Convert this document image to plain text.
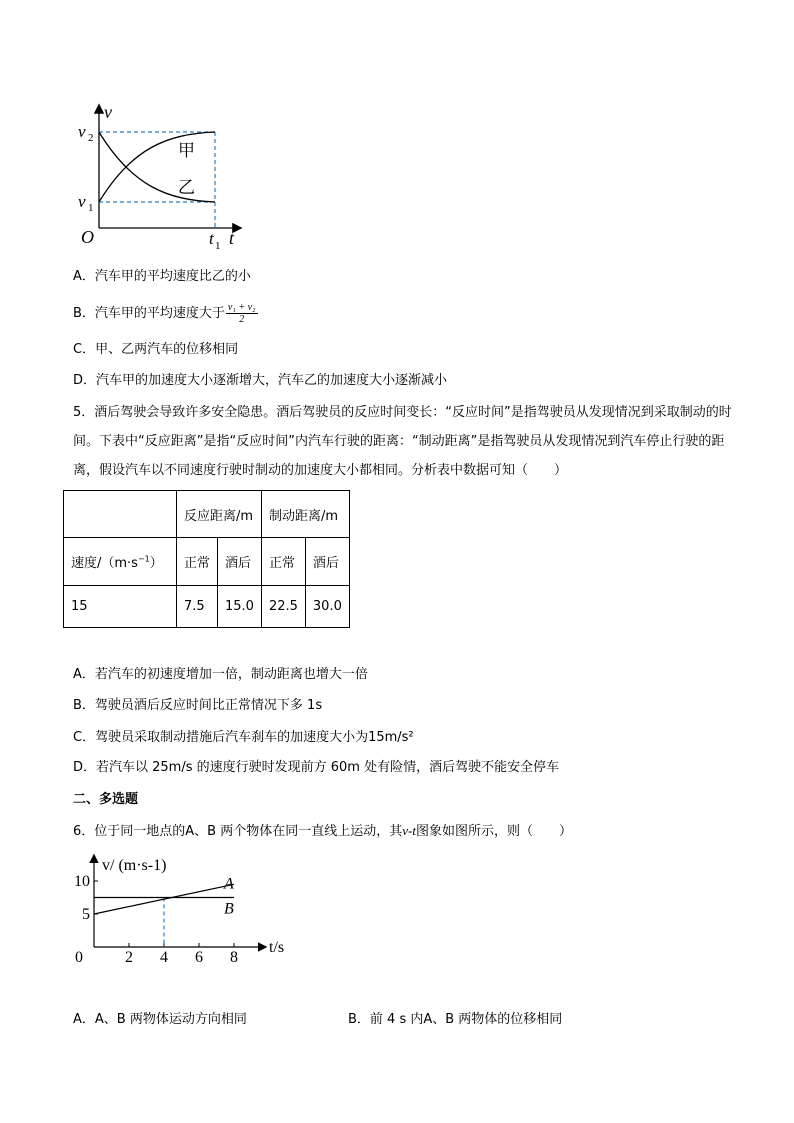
v
v 2
v 1
O	t 1 t
甲
乙
A．汽车甲的平均速度比乙的小
B．汽车甲的平均速度大于 $\frac{\text{v₁ + v₂}}{2}$
C．甲、乙两汽车的位移相同
D．汽车甲的加速度大小逐渐增大，汽车乙的加速度大小逐渐减小
5．酒后驾驶会导致许多安全隐患。酒后驾驶员的反应时间变长：“反应时间”是指驾驶员从发现情况到采取制动的时间。下表中“反应距离”是指“反应时间”内汽车行驶的距离：“制动距离”是指驾驶员从发现情况到汽车停止行驶的距离，假设汽车以不同速度行驶时制动的加速度大小都相同。分析表中数据可知（　　）
	反应距离/m		制动距离/m	
速度$/(m\cdot s^{-1})$	正常	酒后	正常	酒后
15	7.5	15.0	22.5	30.0
A．若汽车的初速度增加一倍，制动距离也增大一倍
B．驾驶员酒后反应时间比正常情况下多 1s
C．驾驶员采取制动措施后汽车刹车的加速度大小为15m/s²
D．若汽车以 25m/s 的速度行驶时发现前方 60m 处有险情，酒后驾驶不能安全停车
二、多选题
6．位于同一地点的A、B 两个物体在同一直线上运动，其v-t图象如图所示，则（　　）
v/ (m·s-1)
t/s
0	2 4 6 8
5
10	A
B
A．A、B 两物体运动方向相同	B．前 4 s 内A、B 两物体的位移相同
